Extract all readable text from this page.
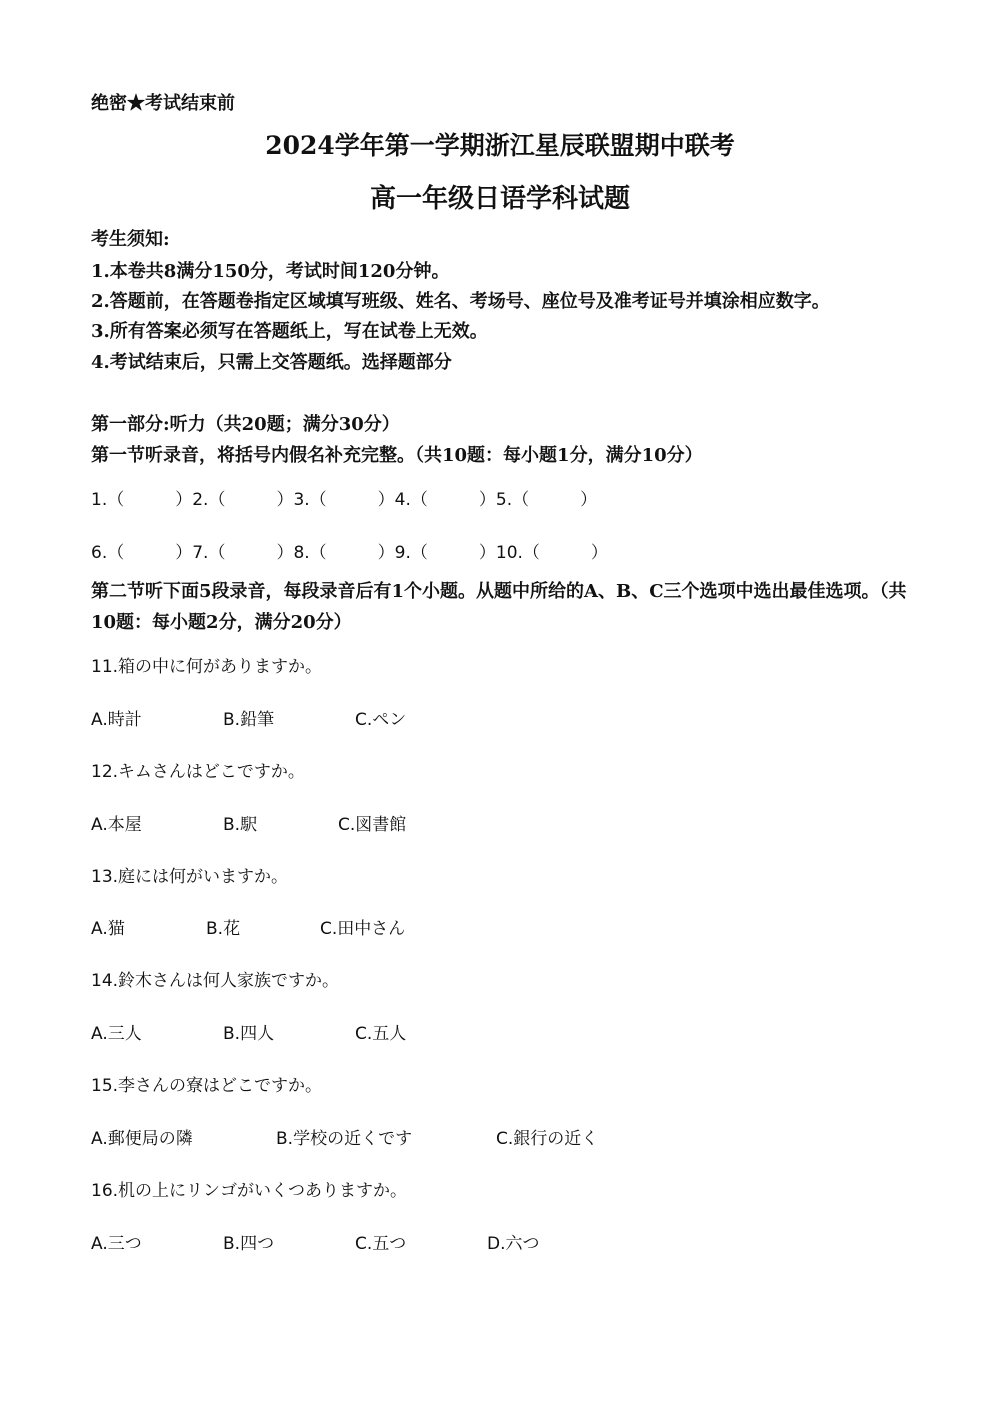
绝密★考试结束前
2024学年第一学期浙江星辰联盟期中联考
高一年级日语学科试题
考生须知:
1.本卷共8满分150分，考试时间120分钟。
2.答题前，在答题卷指定区域填写班级、姓名、考场号、座位号及准考证号并填涂相应数字。
3.所有答案必须写在答题纸上，写在试卷上无效。
4.考试结束后，只需上交答题纸。选择题部分
第一部分:听力（共20题；满分30分）
第一节听录音，将括号内假名补充完整。（共10题：每小题1分，满分10分）
1.（　　　）2.（　　　）3.（　　　）4.（　　　）5.（　　　）
6.（　　　）7.（　　　）8.（　　　）9.（　　　）10.（　　　）
第二节听下面5段录音，每段录音后有1个小题。从题中所给的A、B、C三个选项中选出最佳选项。（共10题：每小题2分，满分20分）
11.箱の中に何がありますか。
A.時計	B.鉛筆	C.ペン
12.キムさんはどこですか。
A.本屋	B.駅	C.図書館
13.庭には何がいますか。
A.猫	B.花	C.田中さん
14.鈴木さんは何人家族ですか。
A.三人	B.四人	C.五人
15.李さんの寮はどこですか。
A.郵便局の隣	B.学校の近くです	C.銀行の近く
16.机の上にリンゴがいくつありますか。
A.三つ	B.四つ	C.五つ	D.六つ
